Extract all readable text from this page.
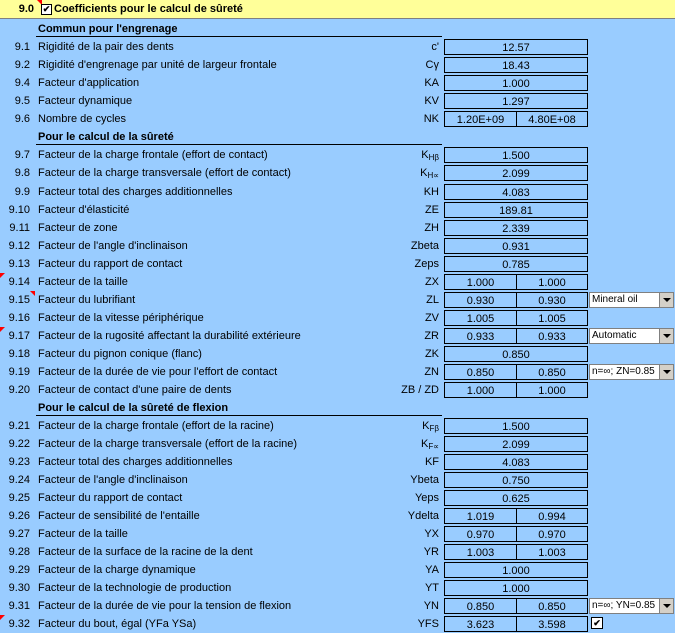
9.0 ✔ Coefficients pour le calcul de sûreté
Commun pour l'engrenage
9.1 Rigidité de la pair des dents	c'	12.57
9.2 Rigidité d'engrenage par unité de largeur frontale	Cγ	18.43
9.4 Facteur d'application	KA	1.000
9.5 Facteur dynamique	KV	1.297
9.6 Nombre de cycles	NK	1.20E+09	4.80E+08
Pour le calcul de la sûreté
9.7 Facteur de la charge frontale (effort de contact)	$K_{H\beta}$	1.500
9.8 Facteur de la charge transversale (effort de contact)	$K_{H\propto}$	2.099
9.9 Facteur total des charges additionnelles	KH	4.083
9.10 Facteur d'élasticité	ZE	189.81
9.11 Facteur de zone	ZH	2.339
9.12 Facteur de l'angle d'inclinaison	Zbeta	0.931
9.13 Facteur du rapport de contact	Zeps	0.785
9.14 Facteur de la taille	ZX	1.000	1.000
9.15 Facteur du lubrifiant	ZL	0.930	0.930	Mineral oil
9.16 Facteur de la vitesse périphérique	ZV	1.005	1.005
9.17 Facteur de la rugosité affectant la durabilité extérieure	ZR	0.933	0.933	Automatic
9.18 Facteur du pignon conique (flanc)	ZK	0.850
9.19 Facteur de la durée de vie pour l'effort de contact	ZN	0.850	0.850	n=∞; ZN=0.85
9.20 Facteur de contact d'une paire de dents	ZB / ZD	1.000	1.000
Pour le calcul de la sûreté de flexion
9.21 Facteur de la charge frontale (effort de la racine)	$K_{F\beta}$	1.500
9.22 Facteur de la charge transversale (effort de la racine)	$K_{F\propto}$	2.099
9.23 Facteur total des charges additionnelles	KF	4.083
9.24 Facteur de l'angle d'inclinaison	Ybeta	0.750
9.25 Facteur du rapport de contact	Yeps	0.625
9.26 Facteur de sensibilité de l'entaille	Ydelta	1.019	0.994
9.27 Facteur de la taille	YX	0.970	0.970
9.28 Facteur de la surface de la racine de la dent	YR	1.003	1.003
9.29 Facteur de la charge dynamique	YA	1.000
9.30 Facteur de la technologie de production	YT	1.000
9.31 Facteur de la durée de vie pour la tension de flexion	YN	0.850	0.850	n=∞; YN=0.85
9.32 Facteur du bout, égal (YFa YSa)	YFS	3.623	3.598	✔
